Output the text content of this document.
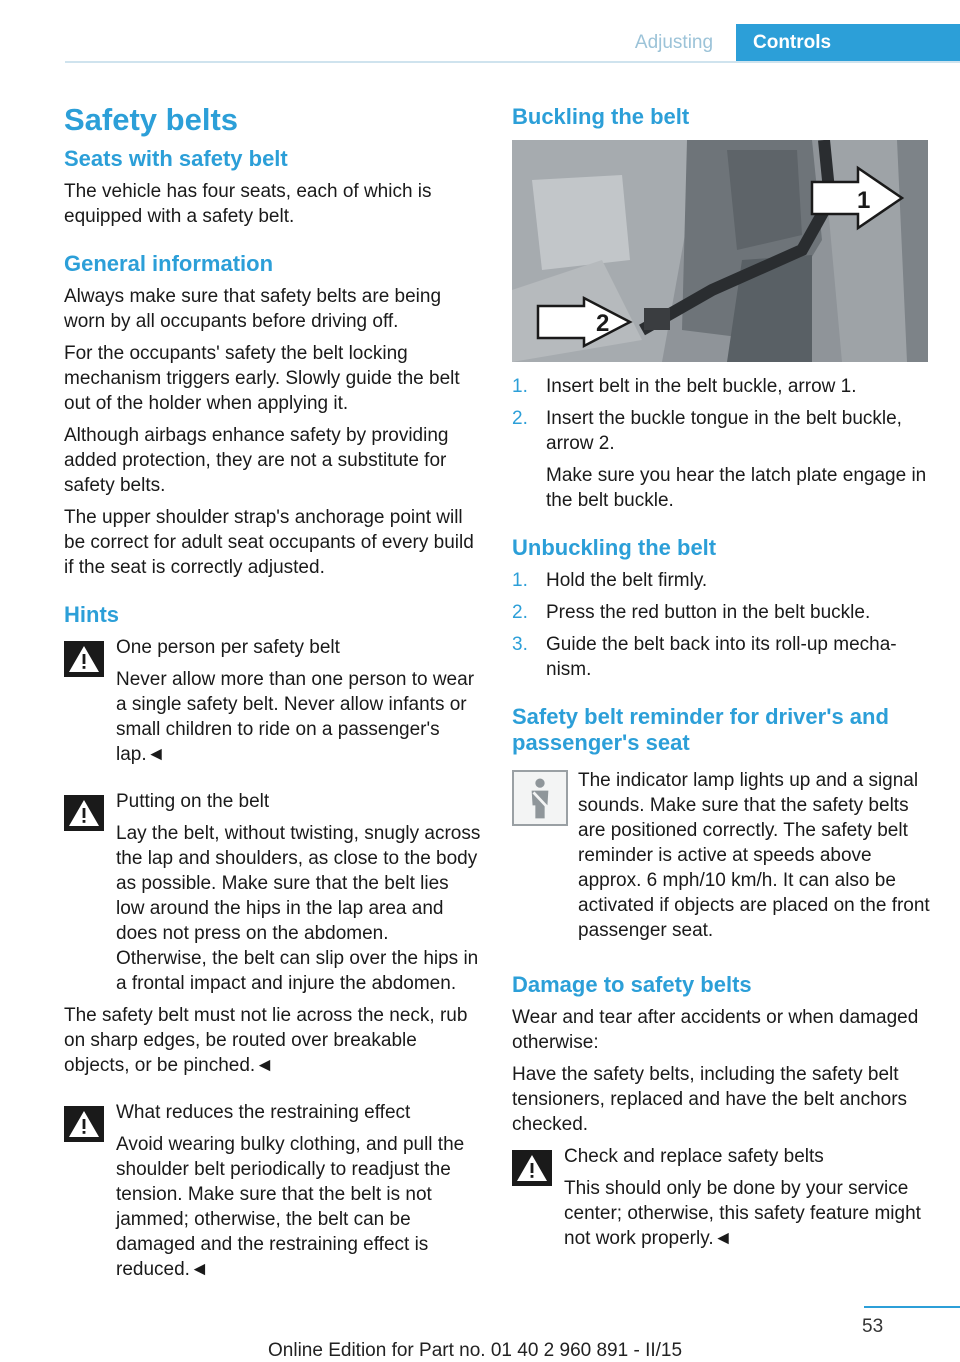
Adjusting	Controls
Safety belts
Seats with safety belt

The vehicle has four seats, each of which is equipped with a safety belt.

General information

Always make sure that safety belts are being worn by all occupants before driving off.

For the occupants' safety the belt locking mechanism triggers early. Slowly guide the belt out of the holder when applying it.

Although airbags enhance safety by providing added protection, they are not a substitute for safety belts.

The upper shoulder strap's anchorage point will be correct for adult seat occupants of every build if the seat is correctly adjusted.

Hints

One person per safety belt

Never allow more than one person to wear a single safety belt. Never allow infants or small children to ride on a passenger's lap.◄

Putting on the belt

Lay the belt, without twisting, snugly across the lap and shoulders, as close to the body as possible. Make sure that the belt lies low around the hips in the lap area and does not press on the abdomen. Otherwise, the belt can slip over the hips in a frontal impact and injure the abdomen.

The safety belt must not lie across the neck, rub on sharp edges, be routed over breakable objects, or be pinched.◄

What reduces the restraining effect

Avoid wearing bulky clothing, and pull the shoulder belt periodically to readjust the tension. Make sure that the belt is not jammed; otherwise, the belt can be damaged and the restraining effect is reduced.◄

Buckling the belt
1
2
1. Insert belt in the belt buckle, arrow 1.
2. Insert the buckle tongue in the belt buckle, arrow 2.

Make sure you hear the latch plate engage in the belt buckle.

Unbuckling the belt
1. Hold the belt firmly.
2. Press the red button in the belt buckle.
3. Guide the belt back into its roll-up mechanism.
Safety belt reminder for driver's and passenger's seat

The indicator lamp lights up and a signal sounds. Make sure that the safety belts are positioned correctly. The safety belt reminder is active at speeds above approx. 6 mph/10 km/h. It can also be activated if objects are placed on the front passenger seat.

Damage to safety belts

Wear and tear after accidents or when damaged otherwise:

Have the safety belts, including the safety belt tensioners, replaced and have the belt anchors checked.

Check and replace safety belts

This should only be done by your service center; otherwise, this safety feature might not work properly.◄

53
Online Edition for Part no. 01 40 2 960 891 - II/15
